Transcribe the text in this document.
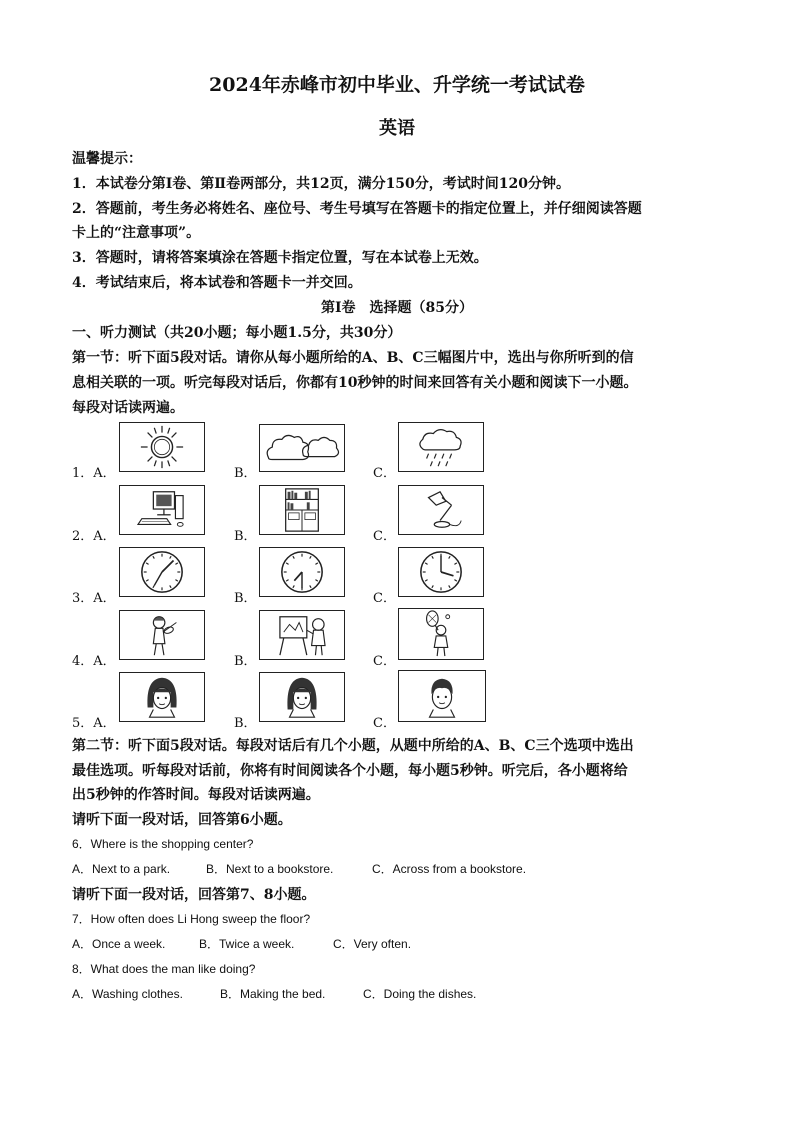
2024年赤峰市初中毕业、升学统一考试试卷
英语
温馨提示：
1．本试卷分第Ⅰ卷、第Ⅱ卷两部分，共12页，满分150分，考试时间120分钟。
2．答题前，考生务必将姓名、座位号、考生号填写在答题卡的指定位置上，并仔细阅读答题
卡上的“注意事项”。
3．答题时，请将答案填涂在答题卡指定位置，写在本试卷上无效。
4．考试结束后，将本试卷和答题卡一并交回。
第Ⅰ卷　选择题（85分）
一、听力测试（共20小题；每小题1.5分，共30分）
第一节：听下面5段对话。请你从每小题所给的A、B、C三幅图片中，选出与你所听到的信
息相关联的一项。听完每段对话后，你都有10秒钟的时间来回答有关小题和阅读下一小题。
每段对话读两遍。
1．A．	B．	C．
2．A．	B．	C．
3．A．	B．	C．
4．A．	B．	C．
5．A．	B．	C．
第二节：听下面5段对话。每段对话后有几个小题，从题中所给的A、B、C三个选项中选出
最佳选项。听每段对话前，你将有时间阅读各个小题，每小题5秒钟。听完后，各小题将给
出5秒钟的作答时间。每段对话读两遍。
请听下面一段对话，回答第6小题。
6．Where is the shopping center?
A．Next to a park.	B．Next to a bookstore.	C．Across from a bookstore.
请听下面一段对话，回答第7、8小题。
7．How often does Li Hong sweep the floor?
A．Once a week.	B．Twice a week.	C．Very often.
8．What does the man like doing?
A．Washing clothes.	B．Making the bed.	C．Doing the dishes.
